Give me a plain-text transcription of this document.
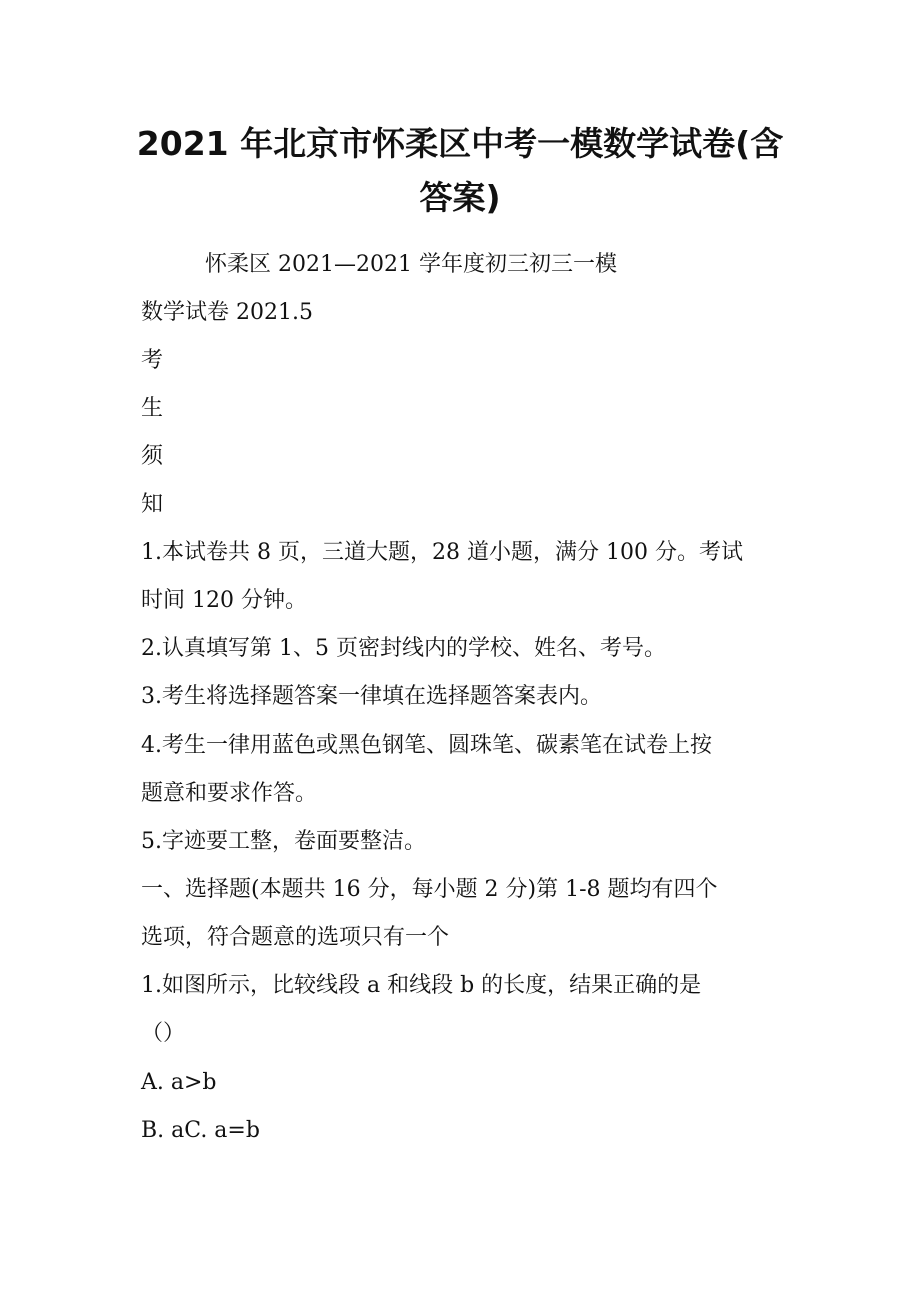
2021 年北京市怀柔区中考一模数学试卷(含
答案)
怀柔区 2021—2021 学年度初三初三一模
数学试卷 2021.5
考
生
须
知
1.本试卷共 8 页，三道大题，28 道小题，满分 100 分。考试
时间 120 分钟。
2.认真填写第 1、5 页密封线内的学校、姓名、考号。
3.考生将选择题答案一律填在选择题答案表内。
4.考生一律用蓝色或黑色钢笔、圆珠笔、碳素笔在试卷上按
题意和要求作答。
5.字迹要工整，卷面要整洁。
一、选择题(本题共 16 分，每小题 2 分)第 1-8 题均有四个
选项，符合题意的选项只有一个
1.如图所示，比较线段 a 和线段 b 的长度，结果正确的是
（）
A. a>b
B. aC. a=b
